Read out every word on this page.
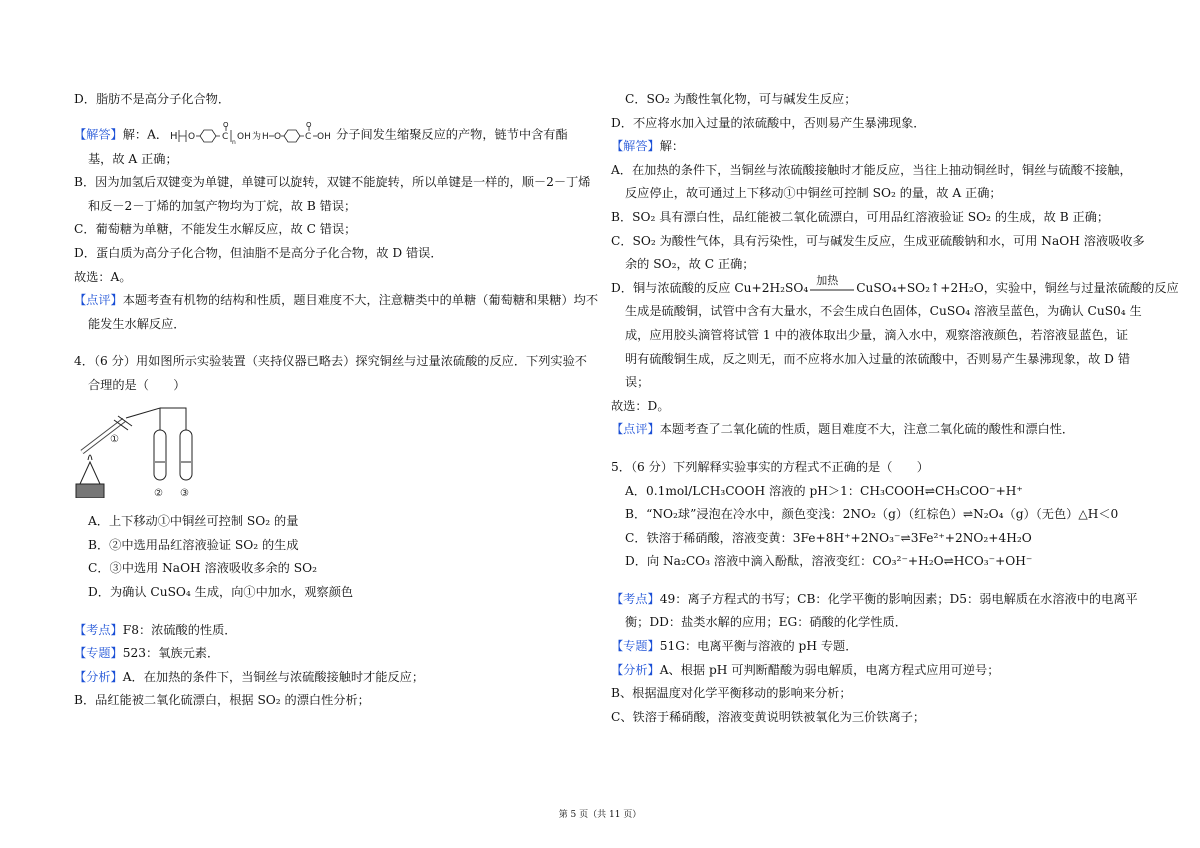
D．脂肪不是高分子化合物．
【解答】解：A． H O	C
O
n
OH 为 H O	C
O
OH 分子间发生缩聚反应的产物，链节中含有酯
基，故 A 正确；
B．因为加氢后双键变为单键，单键可以旋转，双键不能旋转，所以单键是一样的，顺－2－丁烯
和反－2－丁烯的加氢产物均为丁烷，故 B 错误；
C．葡萄糖为单糖，不能发生水解反应，故 C 错误；
D．蛋白质为高分子化合物，但油脂不是高分子化合物，故 D 错误．
故选：A。
【点评】本题考查有机物的结构和性质，题目难度不大，注意糖类中的单糖（葡萄糖和果糖）均不
能发生水解反应．
4．（6 分）用如图所示实验装置（夹持仪器已略去）探究铜丝与过量浓硫酸的反应．下列实验不
合理的是（　　）
①
② ③
A．上下移动①中铜丝可控制 SO₂ 的量
B．②中选用品红溶液验证 SO₂ 的生成
C．③中选用 NaOH 溶液吸收多余的 SO₂
D．为确认 CuSO₄ 生成，向①中加水，观察颜色
【考点】F8：浓硫酸的性质．
【专题】523：氧族元素．
【分析】A．在加热的条件下，当铜丝与浓硫酸接触时才能反应；
B．品红能被二氧化硫漂白，根据 SO₂ 的漂白性分析；
C．SO₂ 为酸性氧化物，可与碱发生反应；
D．不应将水加入过量的浓硫酸中，否则易产生暴沸现象．
【解答】解：
A．在加热的条件下，当铜丝与浓硫酸接触时才能反应，当往上抽动铜丝时，铜丝与硫酸不接触，
反应停止，故可通过上下移动①中铜丝可控制 SO₂ 的量，故 A 正确；
B．SO₂ 具有漂白性，品红能被二氧化硫漂白，可用品红溶液验证 SO₂ 的生成，故 B 正确；
C．SO₂ 为酸性气体，具有污染性，可与碱发生反应，生成亚硫酸钠和水，可用 NaOH 溶液吸收多
余的 SO₂，故 C 正确；
D．铜与浓硫酸的反应 Cu+2H₂SO₄ 加热 CuSO₄+SO₂↑+2H₂O，实验中，铜丝与过量浓硫酸的反应
生成是硫酸铜，试管中含有大量水，不会生成白色固体，CuSO₄ 溶液呈蓝色，为确认 CuS0₄ 生
成，应用胶头滴管将试管 1 中的液体取出少量，滴入水中，观察溶液颜色，若溶液显蓝色，证
明有硫酸铜生成，反之则无，而不应将水加入过量的浓硫酸中，否则易产生暴沸现象，故 D 错
误；
故选：D。
【点评】本题考查了二氧化硫的性质，题目难度不大，注意二氧化硫的酸性和漂白性．
5．（6 分）下列解释实验事实的方程式不正确的是（　　）
A．0.1mol/LCH₃COOH 溶液的 pH＞1：CH₃COOH⇌CH₃COO⁻+H⁺
B．“NO₂球”浸泡在冷水中，颜色变浅：2NO₂（g）（红棕色）⇌N₂O₄（g）（无色）△H＜0
C．铁溶于稀硝酸，溶液变黄：3Fe+8H⁺+2NO₃⁻⇌3Fe²⁺+2NO₂+4H₂O
D．向 Na₂CO₃ 溶液中滴入酚酞，溶液变红：CO₃²⁻+H₂O⇌HCO₃⁻+OH⁻
【考点】49：离子方程式的书写；CB：化学平衡的影响因素；D5：弱电解质在水溶液中的电离平
衡；DD：盐类水解的应用；EG：硝酸的化学性质．
【专题】51G：电离平衡与溶液的 pH 专题．
【分析】A、根据 pH 可判断醋酸为弱电解质，电离方程式应用可逆号；
B、根据温度对化学平衡移动的影响来分析；
C、铁溶于稀硝酸，溶液变黄说明铁被氧化为三价铁离子；
第 5 页（共 11 页）
